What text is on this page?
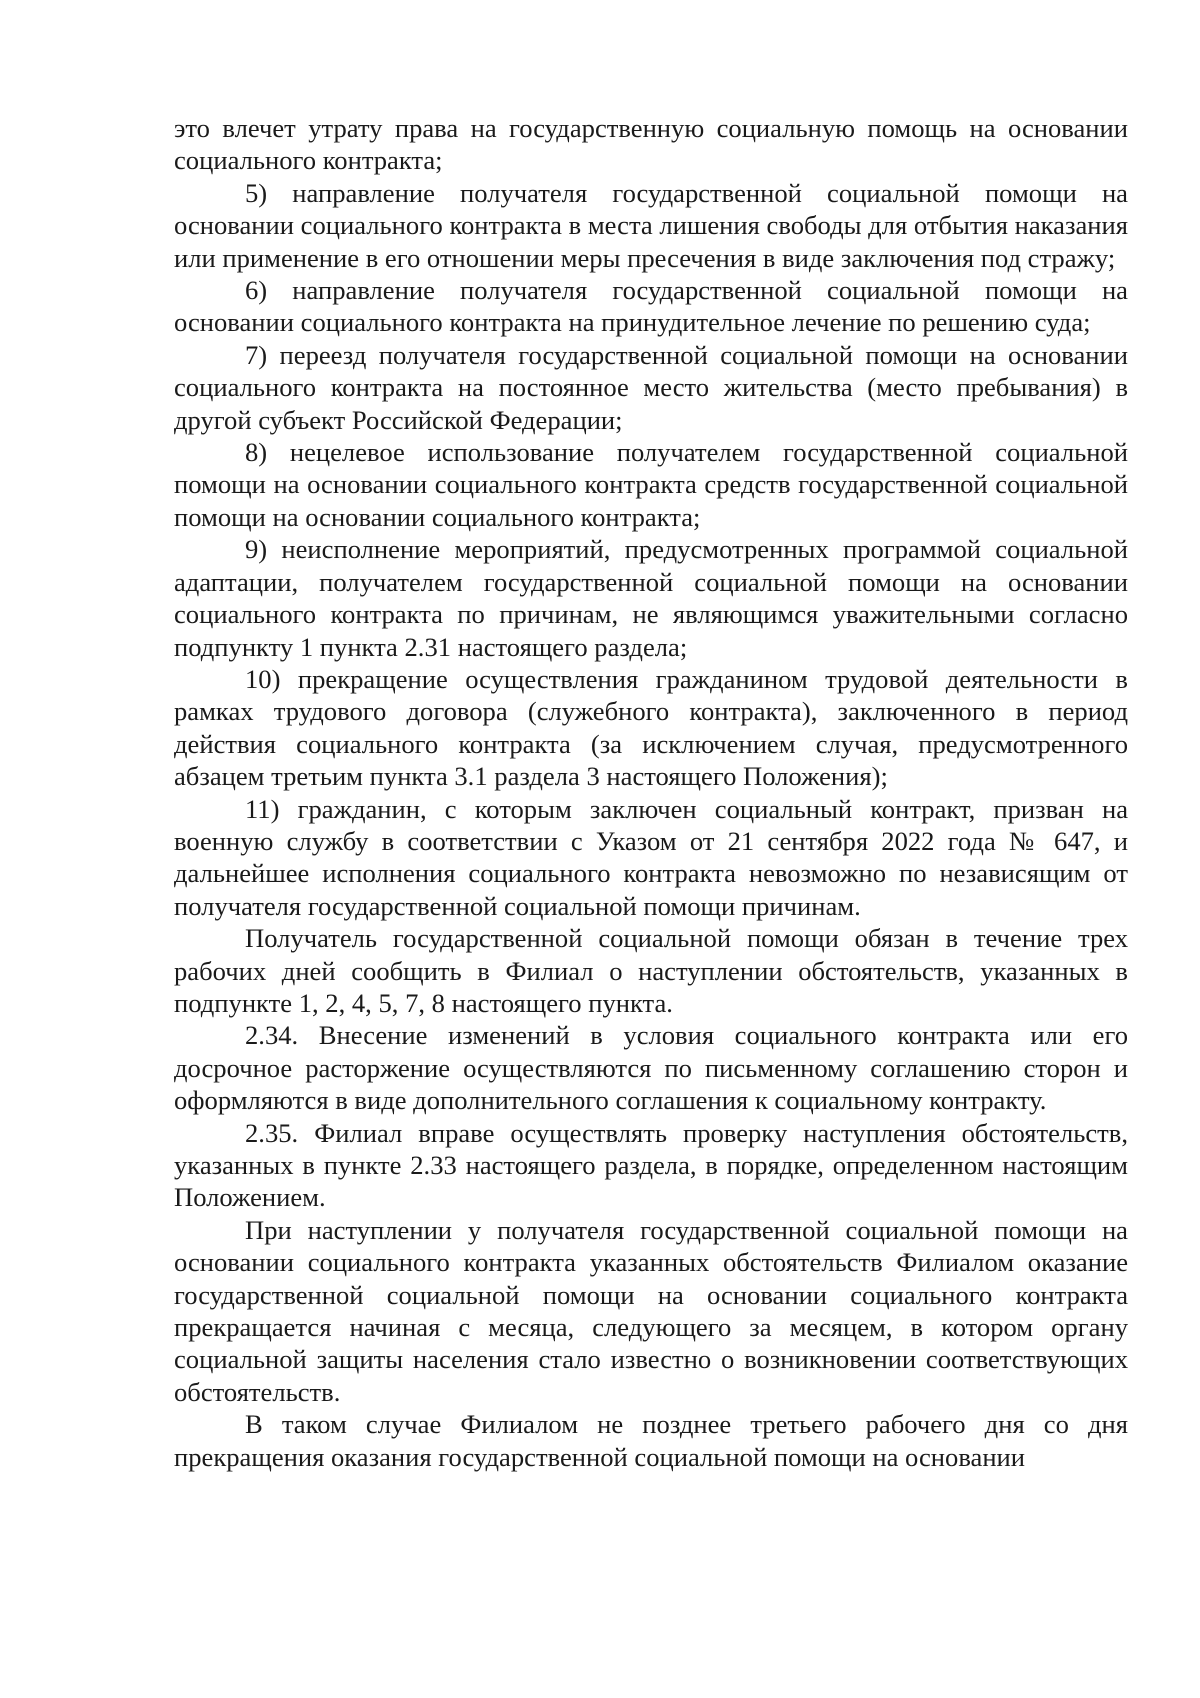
это влечет утрату права на государственную социальную помощь на основании социального контракта;

5) направление получателя государственной социальной помощи на основании социального контракта в места лишения свободы для отбытия наказания или применение в его отношении меры пресечения в виде заключения под стражу;

6) направление получателя государственной социальной помощи на основании социального контракта на принудительное лечение по решению суда;

7) переезд получателя государственной социальной помощи на основании социального контракта на постоянное место жительства (место пребывания) в другой субъект Российской Федерации;

8) нецелевое использование получателем государственной социальной помощи на основании социального контракта средств государственной социальной помощи на основании социального контракта;

9) неисполнение мероприятий, предусмотренных программой социальной адаптации, получателем государственной социальной помощи на основании социального контракта по причинам, не являющимся уважительными согласно подпункту 1 пункта 2.31 настоящего раздела;

10) прекращение осуществления гражданином трудовой деятельности в рамках трудового договора (служебного контракта), заключенного в период действия социального контракта (за исключением случая, предусмотренного абзацем третьим пункта 3.1 раздела 3 настоящего Положения);

11) гражданин, с которым заключен социальный контракт, призван на военную службу в соответствии с Указом от 21 сентября 2022 года № 647, и дальнейшее исполнения социального контракта невозможно по независящим от получателя государственной социальной помощи причинам.

Получатель государственной социальной помощи обязан в течение трех рабочих дней сообщить в Филиал о наступлении обстоятельств, указанных в подпункте 1, 2, 4, 5, 7, 8 настоящего пункта.

2.34. Внесение изменений в условия социального контракта или его досрочное расторжение осуществляются по письменному соглашению сторон и оформляются в виде дополнительного соглашения к социальному контракту.

2.35. Филиал вправе осуществлять проверку наступления обстоятельств, указанных в пункте 2.33 настоящего раздела, в порядке, определенном настоящим Положением.

При наступлении у получателя государственной социальной помощи на основании социального контракта указанных обстоятельств Филиалом оказание государственной социальной помощи на основании социального контракта прекращается начиная с месяца, следующего за месяцем, в котором органу социальной защиты населения стало известно о возникновении соответствующих обстоятельств.

В таком случае Филиалом не позднее третьего рабочего дня со дня прекращения оказания государственной социальной помощи на основании
